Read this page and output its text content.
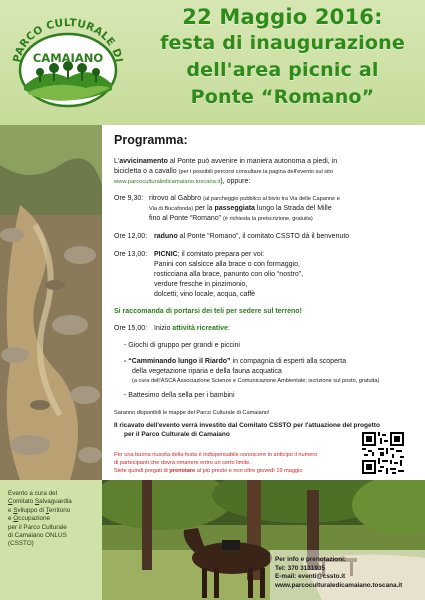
22 Maggio 2016:
festa di inaugurazione
dell'area picnic al
Ponte “Romano”
PARCO CULTURALE DI
CAMAIANO
Evento a cura del
Comitato Salvaguardia
e Sviluppo di Territorio
e Occupazione
per il Parco Culturale
di Camaiano ONLUS
(CSSTO)
Programma:
L'avvicinamento al Ponte può avvenire in maniera autonoma a piedi, in
bicicletta o a cavallo (per i possibili percorsi consultare la pagina dell'evento sul sito
www.parcoculturaledicamaiano.toscana.it), oppure:
Ore 9,30: ritrovo al Gabbro (al parcheggio pubblico al bivio tra Via delle Capanne e
Via di Bucafonda) per la passeggiata lungo la Strada del Mille
fino al Ponte “Romano” (è richiesta la preiscrizione, gratuita)
Ore 12,00: raduno al Ponte “Romano”, il comitato CSSTO dà il benvenuto
Ore 13,00: PICNIC; il comitato prepara per voi:
Panini con salsicce alla brace o con formaggio,
rosticciana alla brace, panunto con olio “nostro”,
verdure fresche in pinzimonio,
dolcetti; vino locale, acqua, caffè
Si raccomanda di portarsi dei teli per sedere sul terreno!
Ore 15,00: Inizio attività ricreative:
- Giochi di gruppo per grandi e piccini
- “Camminando lungo il Riardo” in compagnia di esperti alla scoperta
della vegetazione riparia e della fauna acquatica
(a cura dell'ASCA Associazione Scienze e Comunicazione Ambientale; iscrizione sul posto, gratuita)
- Battesimo della sella per i bambini
Saranno disponibili le mappe del Parco Culturale di Camaiano!
Il ricavato dell'evento verrà investito dal Comitato CSSTO per l'attuazione del progetto
per il Parco Culturale di Camaiano
Per una buona riuscita della festa è indispensabile conoscere in anticipo il numero
di partecipanti che dovrà rimanere entro un certo limite.
Siete quindi pregati di prenotare al più presto e non oltre giovedì 19 maggio
Per info e prenotazioni:
Tel: 370 3131935
E-mail: eventi@cssto.it
www.parcoculturaledicamaiano.toscana.it
